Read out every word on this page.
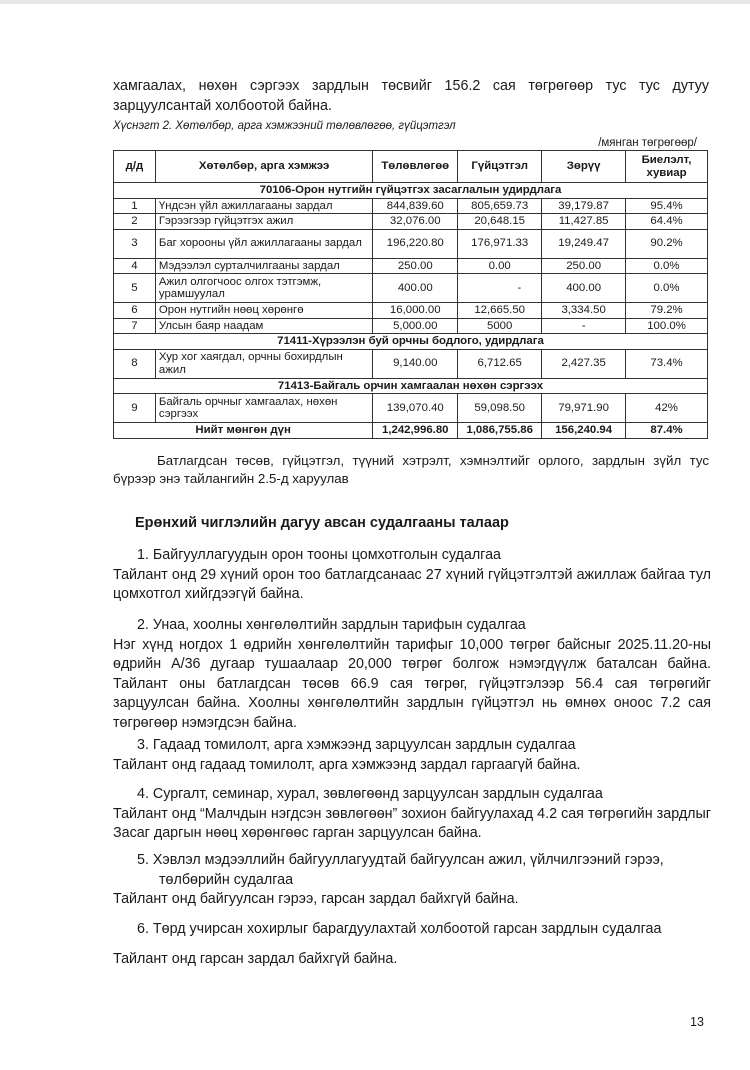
хамгаалах, нөхөн сэргээх зардлын төсвийг 156.2 сая төгрөгөөр тус тус дутуу зарцуулсантай холбоотой байна.
Хүснэгт 2. Хөтөлбөр, арга хэмжээний төлөвлөгөө, гүйцэтгэл
/мянган төгрөгөөр/
д/д	Хөтөлбөр, арга хэмжээ	Төлөвлөгөө	Гүйцэтгэл	Зөрүү	Биелэлт, хувиар
70106-Орон нутгийн гүйцэтгэх засаглалын удирдлага					
1	Үндсэн үйл ажиллагааны зардал	844,839.60	805,659.73	39,179.87	95.4%
2	Гэрээгээр гүйцэтгэх ажил	32,076.00	20,648.15	11,427.85	64.4%
3	Баг хорооны үйл ажиллагааны зардал	196,220.80	176,971.33	19,249.47	90.2%
4	Мэдээлэл сурталчилгааны зардал	250.00	0.00	250.00	0.0%
5	Ажил олгогчоос олгох тэтгэмж, урамшуулал	400.00	-	400.00	0.0%
6	Орон нутгийн нөөц хөрөнгө	16,000.00	12,665.50	3,334.50	79.2%
7	Улсын баяр наадам	5,000.00	5000	-	100.0%
71411-Хүрээлэн буй орчны бодлого, удирдлага					
8	Хур хог хаягдал, орчны бохирдлын ажил	9,140.00	6,712.65	2,427.35	73.4%
71413-Байгаль орчин хамгаалан нөхөн сэргээх					
9	Байгаль орчныг хамгаалах, нөхөн сэргээх	139,070.40	59,098.50	79,971.90	42%
Нийт мөнгөн дүн		1,242,996.80	1,086,755.86	156,240.94	87.4%
Батлагдсан төсөв, гүйцэтгэл, түүний хэтрэлт, хэмнэлтийг орлого, зардлын зүйл тус бүрээр энэ тайлангийн 2.5-д харуулав
Ерөнхий чиглэлийн дагуу авсан судалгааны талаар
1. Байгууллагуудын орон тооны цомхотголын судалгаа
Тайлант онд 29 хүний орон тоо батлагдсанаас 27 хүний гүйцэтгэлтэй ажиллаж байгаа тул цомхотгол хийгдээгүй байна.
2. Унаа, хоолны хөнгөлөлтийн зардлын тарифын судалгаа
Нэг хүнд ногдох 1 өдрийн хөнгөлөлтийн тарифыг 10,000 төгрөг байсныг 2025.11.20-ны өдрийн А/36 дугаар тушаалаар 20,000 төгрөг болгож нэмэгдүүлж баталсан байна. Тайлант оны батлагдсан төсөв 66.9 сая төгрөг, гүйцэтгэлээр 56.4 сая төгрөгийг зарцуулсан байна. Хоолны хөнгөлөлтийн зардлын гүйцэтгэл нь өмнөх оноос 7.2 сая төгрөгөөр нэмэгдсэн байна.
3. Гадаад томилолт, арга хэмжээнд зарцуулсан зардлын судалгаа
Тайлант онд гадаад томилолт, арга хэмжээнд зардал гаргаагүй байна.
4. Сургалт, семинар, хурал, зөвлөгөөнд зарцуулсан зардлын судалгаа
Тайлант онд “Малчдын нэгдсэн зөвлөгөөн” зохион байгуулахад 4.2 сая төгрөгийн зардлыг Засаг даргын нөөц хөрөнгөөс гарган зарцуулсан байна.
5. Хэвлэл мэдээллийн байгууллагуудтай байгуулсан ажил, үйлчилгээний гэрээ, төлбөрийн судалгаа
Тайлант онд байгуулсан гэрээ, гарсан зардал байхгүй байна.
6. Төрд учирсан хохирлыг барагдуулахтай холбоотой гарсан зардлын судалгаа
Тайлант онд гарсан зардал байхгүй байна.
13
